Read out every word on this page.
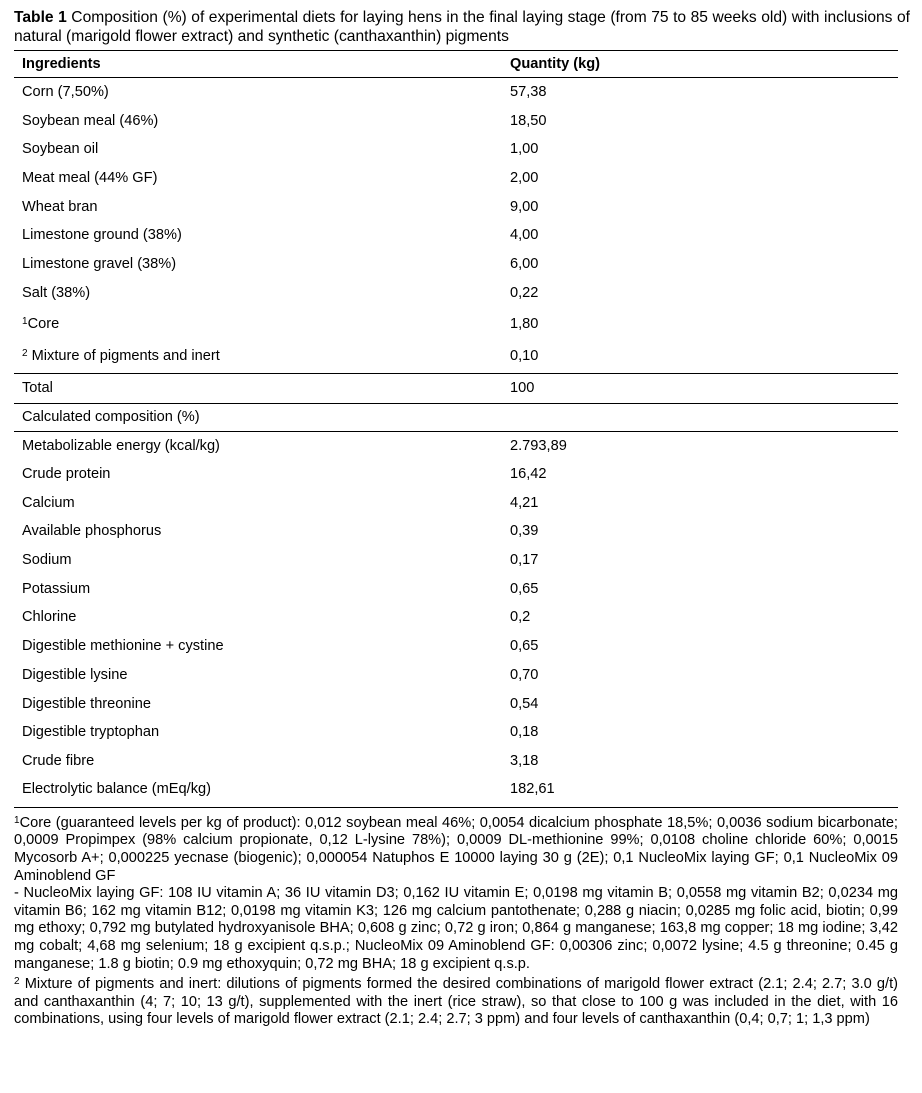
Table 1 Composition (%) of experimental diets for laying hens in the final laying stage (from 75 to 85 weeks old) with inclusions of natural (marigold flower extract) and synthetic (canthaxanthin) pigments

Ingredients	Quantity (kg)
Corn (7,50%)	57,38
Soybean meal (46%)	18,50
Soybean oil	1,00
Meat meal (44% GF)	2,00
Wheat bran	9,00
Limestone ground (38%)	4,00
Limestone gravel (38%)	6,00
Salt (38%)	0,22
$^1$Core	1,80
$^2$ Mixture of pigments and inert	0,10
Total	100
Calculated composition (%)	
Metabolizable energy (kcal/kg)	2.793,89
Crude protein	16,42
Calcium	4,21
Available phosphorus	0,39
Sodium	0,17
Potassium	0,65
Chlorine	0,2
Digestible methionine + cystine	0,65
Digestible lysine	0,70
Digestible threonine	0,54
Digestible tryptophan	0,18
Crude fibre	3,18
Electrolytic balance (mEq/kg)	182,61

$^1$Core (guaranteed levels per kg of product): 0,012 soybean meal 46%; 0,0054 dicalcium phosphate 18,5%; 0,0036 sodium bicarbonate; 0,0009 Propimpex (98% calcium propionate, 0,12 L-lysine 78%); 0,0009 DL-methionine 99%; 0,0108 choline chloride 60%; 0,0015 Mycosorb A+; 0,000225 yecnase (biogenic); 0,000054 Natuphos E 10000 laying 30 g (2E); 0,1 NucleoMix laying GF; 0,1 NucleoMix 09 Aminoblend GF

- NucleoMix laying GF: 108 IU vitamin A; 36 IU vitamin D3; 0,162 IU vitamin E; 0,0198 mg vitamin B; 0,0558 mg vitamin B2; 0,0234 mg vitamin B6; 162 mg vitamin B12; 0,0198 mg vitamin K3; 126 mg calcium pantothenate; 0,288 g niacin; 0,0285 mg folic acid, biotin; 0,99 mg ethoxy; 0,792 mg butylated hydroxyanisole BHA; 0,608 g zinc; 0,72 g iron; 0,864 g manganese; 163,8 mg copper; 18 mg iodine; 3,42 mg cobalt; 4,68 mg selenium; 18 g excipient q.s.p.; NucleoMix 09 Aminoblend GF: 0,00306 zinc; 0,0072 lysine; 4.5 g threonine; 0.45 g manganese; 1.8 g biotin; 0.9 mg ethoxyquin; 0,72 mg BHA; 18 g excipient q.s.p.

$^2$ Mixture of pigments and inert: dilutions of pigments formed the desired combinations of marigold flower extract (2.1; 2.4; 2.7; 3.0 g/t) and canthaxanthin (4; 7; 10; 13 g/t), supplemented with the inert (rice straw), so that close to 100 g was included in the diet, with 16 combinations, using four levels of marigold flower extract (2.1; 2.4; 2.7; 3 ppm) and four levels of canthaxanthin (0,4; 0,7; 1; 1,3 ppm)
